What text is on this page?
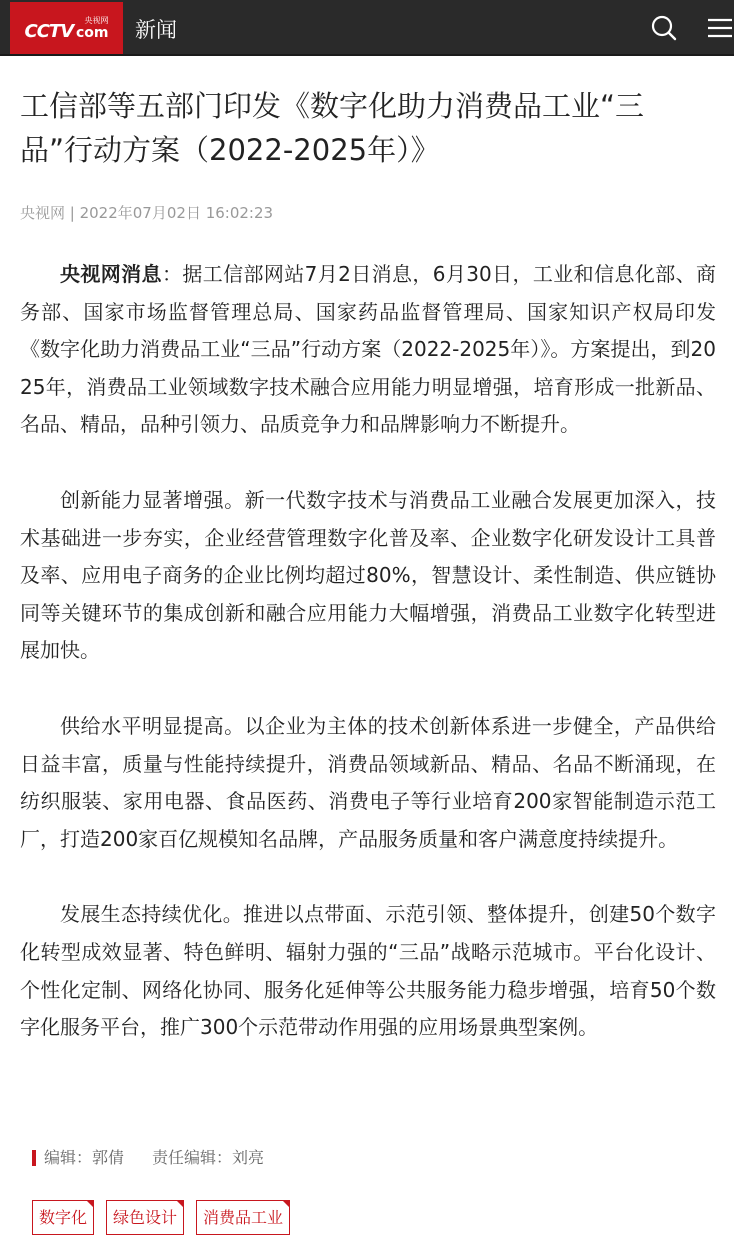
CCTV
央视网
com 新闻
工信部等五部门印发《数字化助力消费品工业“三品”行动方案（2022-2025年）》
央视网 | 2022年07月02日 16:02:23

央视网消息：据工信部网站7月2日消息，6月30日，工业和信息化部、商务部、国家市场监督管理总局、国家药品监督管理局、国家知识产权局印发《数字化助力消费品工业“三品”行动方案（2022-2025年）》。方案提出，到2025年，消费品工业领域数字技术融合应用能力明显增强，培育形成一批新品、名品、精品，品种引领力、品质竞争力和品牌影响力不断提升。

创新能力显著增强。新一代数字技术与消费品工业融合发展更加深入，技术基础进一步夯实，企业经营管理数字化普及率、企业数字化研发设计工具普及率、应用电子商务的企业比例均超过80%，智慧设计、柔性制造、供应链协同等关键环节的集成创新和融合应用能力大幅增强，消费品工业数字化转型进展加快。

供给水平明显提高。以企业为主体的技术创新体系进一步健全，产品供给日益丰富，质量与性能持续提升，消费品领域新品、精品、名品不断涌现，在纺织服装、家用电器、食品医药、消费电子等行业培育200家智能制造示范工厂，打造200家百亿规模知名品牌，产品服务质量和客户满意度持续提升。

发展生态持续优化。推进以点带面、示范引领、整体提升，创建50个数字化转型成效显著、特色鲜明、辐射力强的“三品”战略示范城市。平台化设计、个性化定制、网络化协同、服务化延伸等公共服务能力稳步增强，培育50个数字化服务平台，推广300个示范带动作用强的应用场景典型案例。

编辑：郭倩 责任编辑：刘亮
数字化	绿色设计	消费品工业
